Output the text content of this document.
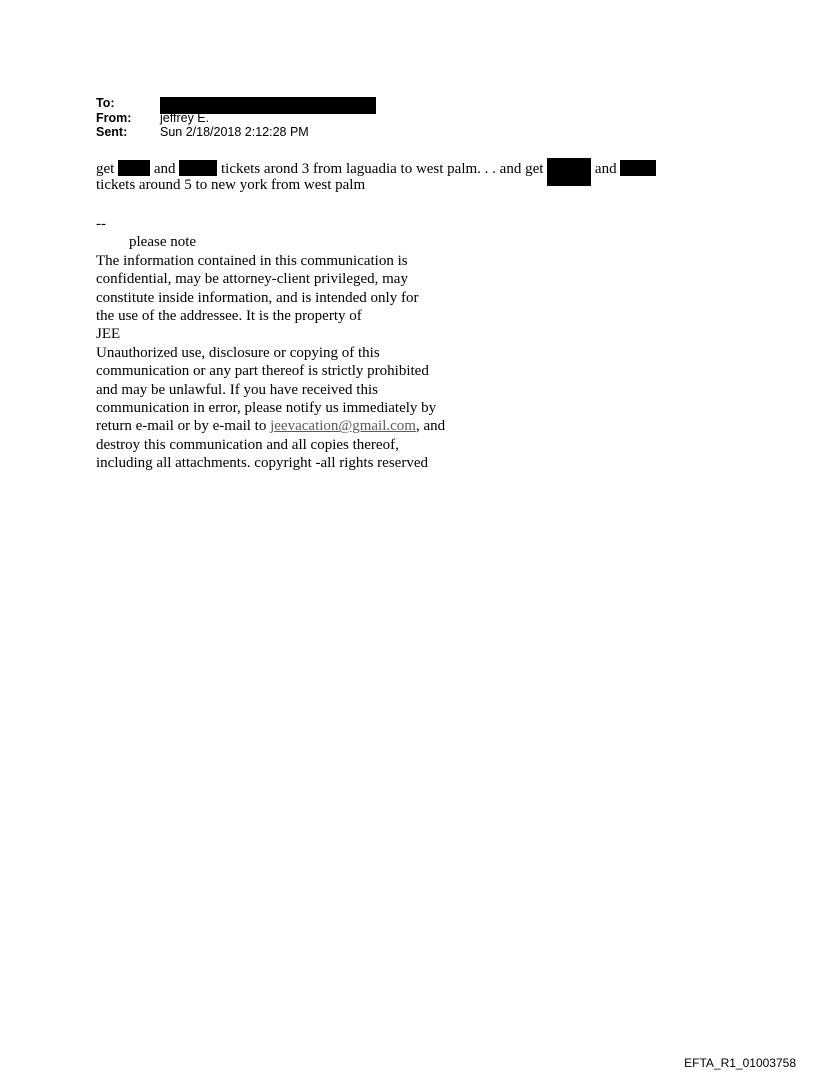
To:
From:	jeffrey E.
Sent:	Sun 2/18/2018 2:12:28 PM
get  and	tickets arond 3 from laguadia to west palm. . . and get	and
tickets around 5 to new york from west palm
--
please note
The information contained in this communication is
confidential, may be attorney-client privileged, may
constitute inside information, and is intended only for
the use of the addressee. It is the property of
JEE
Unauthorized use, disclosure or copying of this
communication or any part thereof is strictly prohibited
and may be unlawful. If you have received this
communication in error, please notify us immediately by
return e-mail or by e-mail to jeevacation@gmail.com, and
destroy this communication and all copies thereof,
including all attachments. copyright -all rights reserved
EFTA_R1_01003758
